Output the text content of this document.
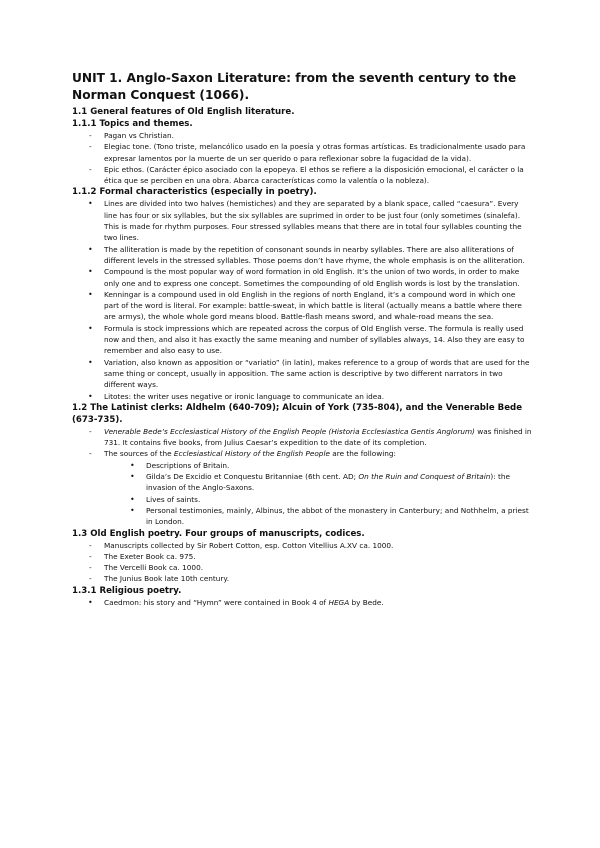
UNIT 1. Anglo-Saxon Literature: from the seventh century to the Norman Conquest (1066).
1.1 General features of Old English literature.
1.1.1 Topics and themes.
- Pagan vs Christian.
- Elegiac tone. (Tono triste, melancólico usado en la poesía y otras formas artísticas. Es tradicionalmente usado para expresar lamentos por la muerte de un ser querido o para reflexionar sobre la fugacidad de la vida).
- Epic ethos. (Carácter épico asociado con la epopeya. El ethos se refiere a la disposición emocional, el carácter o la ética que se perciben en una obra. Abarca características como la valentía o la nobleza).
1.1.2 Formal characteristics (especially in poetry).
• Lines are divided into two halves (hemistiches) and they are separated by a blank space, called “caesura”. Every line has four or six syllables, but the six syllables are suprimed in order to be just four (only sometimes (sinalefa). This is made for rhythm purposes. Four stressed syllables means that there are in total four syllables counting the two lines.
• The alliteration is made by the repetition of consonant sounds in nearby syllables. There are also alliterations of different levels in the stressed syllables. Those poems don’t have rhyme, the whole emphasis is on the alliteration.
• Compound is the most popular way of word formation in old English. It’s the union of two words, in order to make only one and to express one concept. Sometimes the compounding of old English words is lost by the translation.
• Kenningar is a compound used in old English in the regions of north England, it’s a compound word in which one part of the word is literal. For example: battle-sweat, in which battle is literal (actually means a battle where there are armys), the whole whole gord means blood. Battle-flash means sword, and whale-road means the sea.
• Formula is stock impressions which are repeated across the corpus of Old English verse. The formula is really used now and then, and also it has exactly the same meaning and number of syllables always, 14. Also they are easy to remember and also easy to use.
• Variation, also known as apposition or “variatio” (in latin), makes reference to a group of words that are used for the same thing or concept, usually in apposition. The same action is descriptive by two different narrators in two different ways.
• Litotes: the writer uses negative or ironic language to communicate an idea.
1.2 The Latinist clerks: Aldhelm (640-709); Alcuin of York (735-804), and the Venerable Bede (673-735).
- Venerable Bede’s Ecclesiastical History of the English People (Historia Ecclesiastica Gentis Anglorum) was finished in 731. It contains five books, from Julius Caesar’s expedition to the date of its completion.
- The sources of the Ecclesiastical History of the English People are the following:
• Descriptions of Britain.
• Gilda’s De Excidio et Conquestu Britanniae (6th cent. AD; On the Ruin and Conquest of Britain): the invasion of the Anglo-Saxons.
• Lives of saints.
• Personal testimonies, mainly, Albinus, the abbot of the monastery in Canterbury; and Nothhelm, a priest in London.
1.3 Old English poetry. Four groups of manuscripts, codices.
- Manuscripts collected by Sir Robert Cotton, esp. Cotton Vitellius A.XV ca. 1000.
- The Exeter Book ca. 975.
- The Vercelli Book ca. 1000.
- The Junius Book late 10th century.
1.3.1 Religious poetry.
• Caedmon: his story and “Hymn” were contained in Book 4 of HEGA by Bede.
